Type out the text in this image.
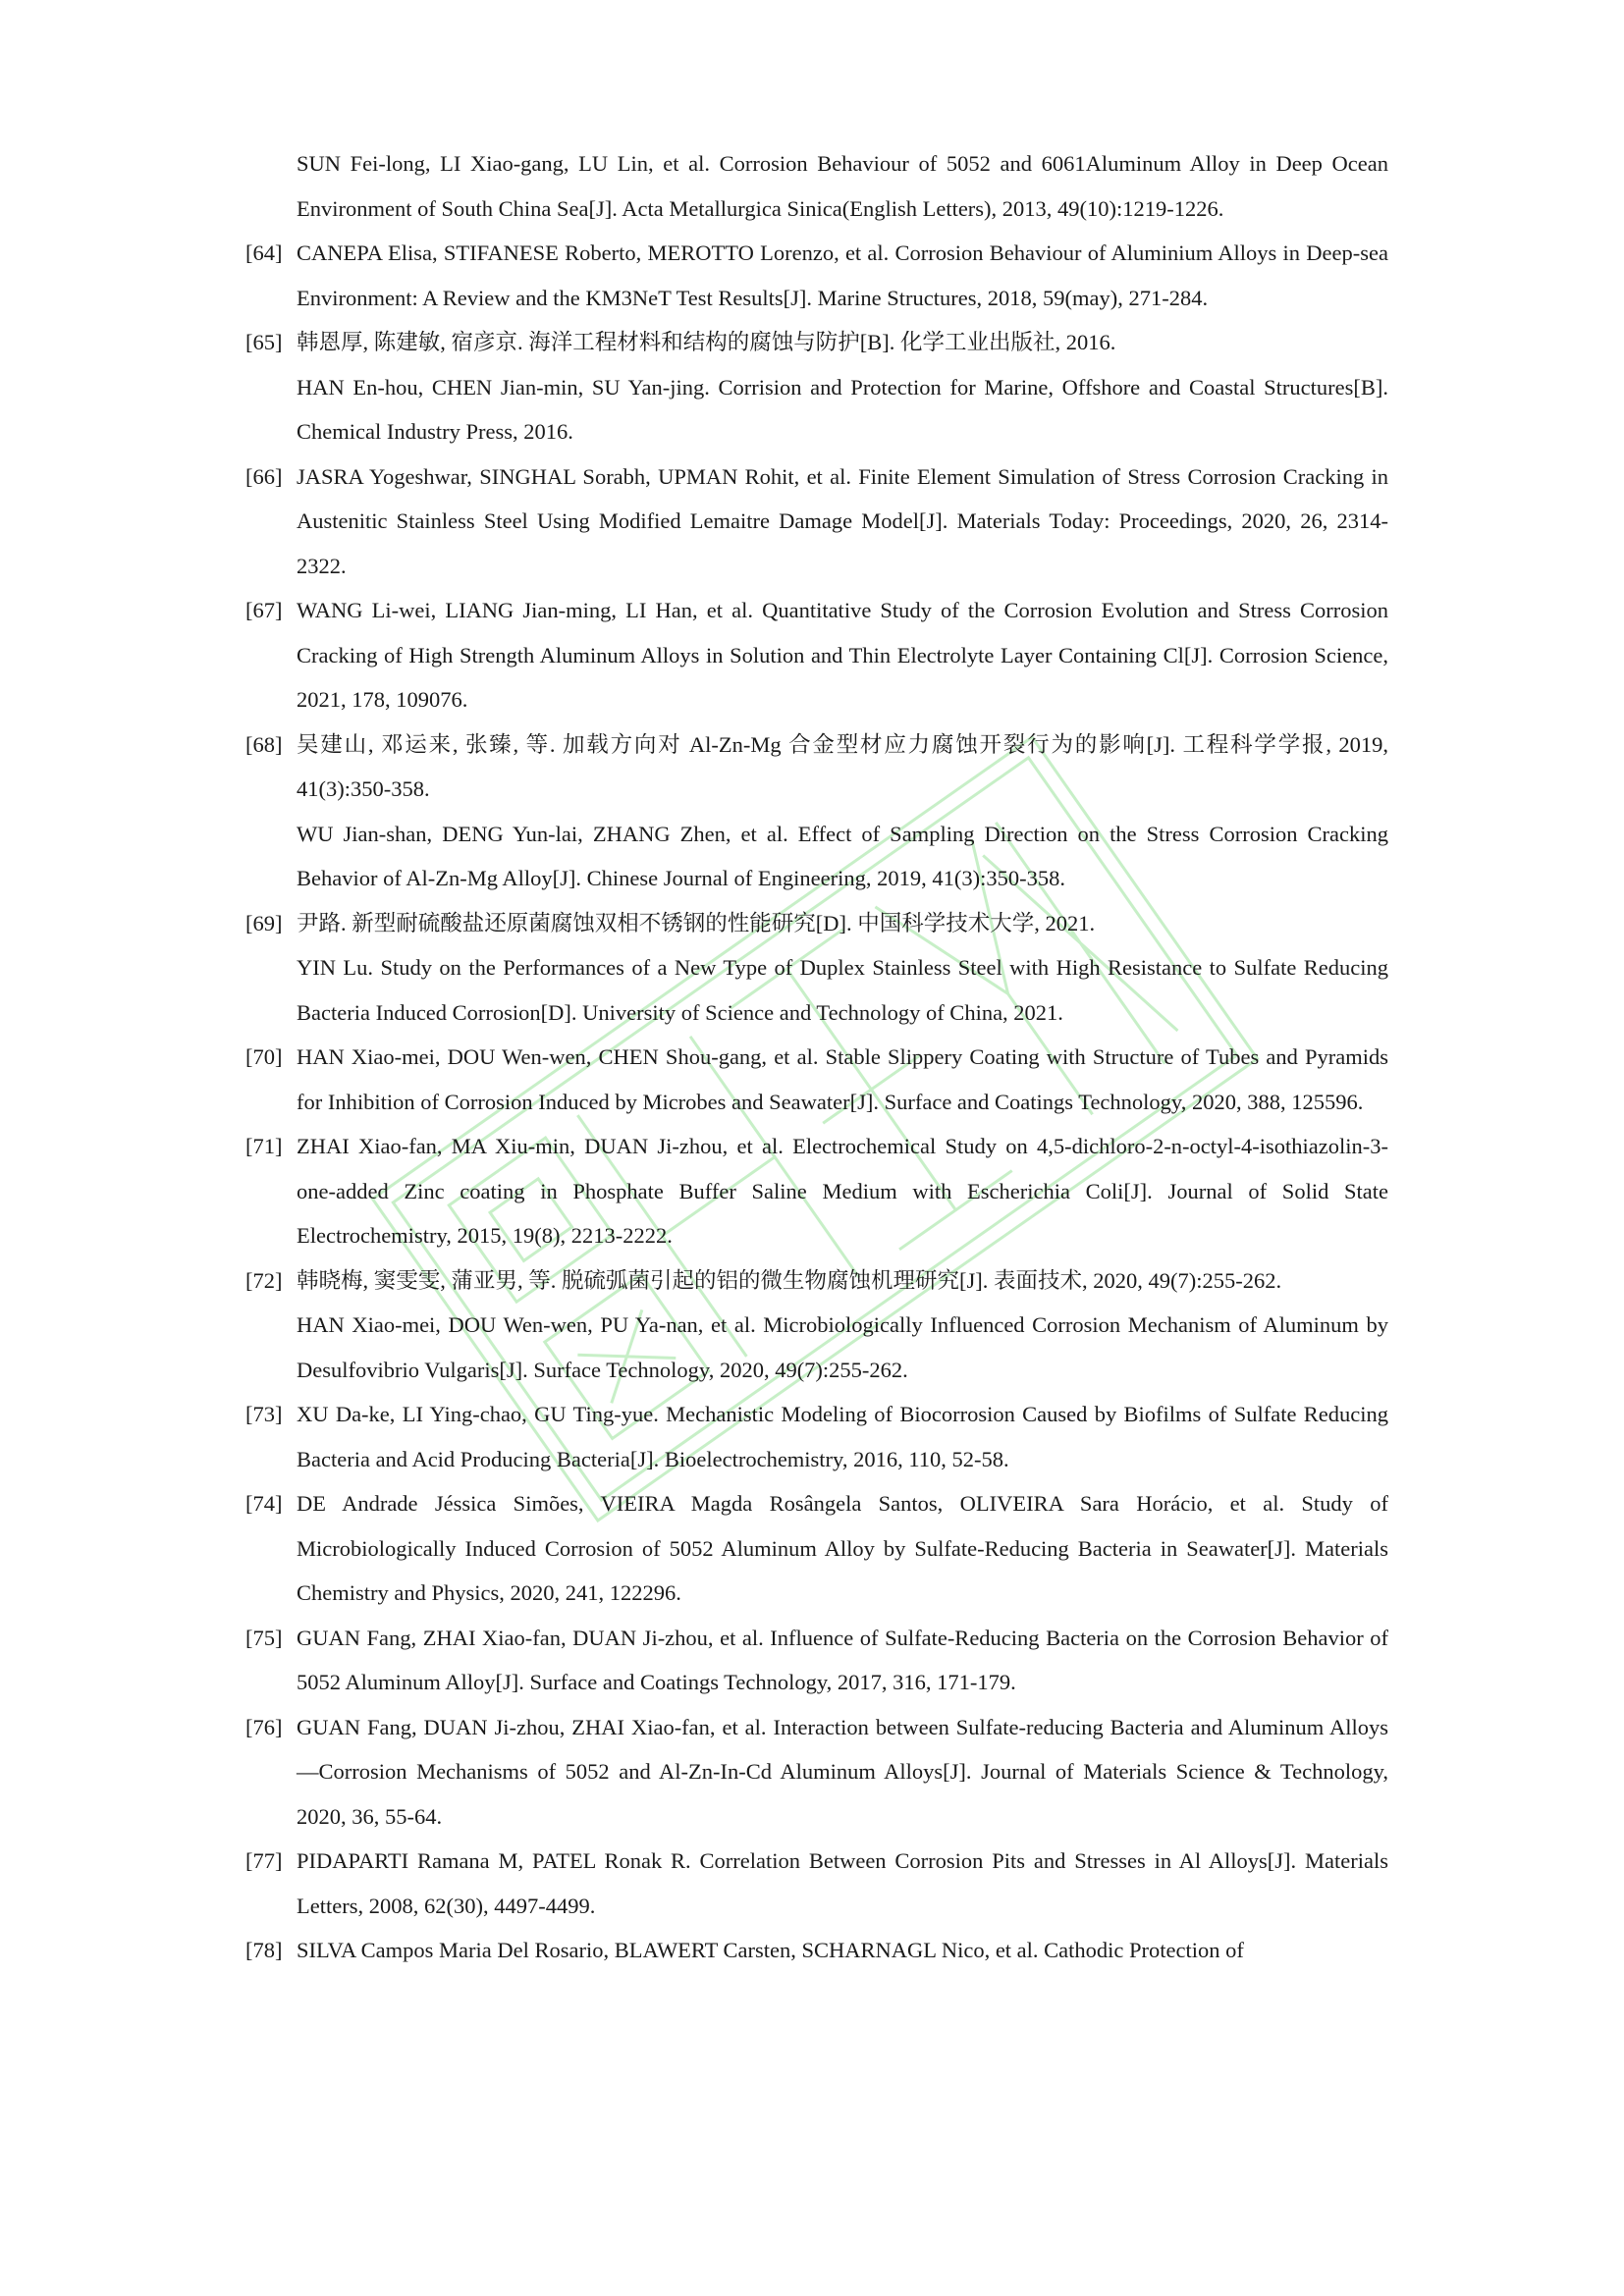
SUN Fei-long, LI Xiao-gang, LU Lin, et al. Corrosion Behaviour of 5052 and 6061Aluminum Alloy in Deep Ocean Environment of South China Sea[J]. Acta Metallurgica Sinica(English Letters), 2013, 49(10):1219-1226.
[64] CANEPA Elisa, STIFANESE Roberto, MEROTTO Lorenzo, et al. Corrosion Behaviour of Aluminium Alloys in Deep-sea Environment: A Review and the KM3NeT Test Results[J]. Marine Structures, 2018, 59(may), 271-284.
[65] 韩恩厚, 陈建敏, 宿彦京. 海洋工程材料和结构的腐蚀与防护[B]. 化学工业出版社, 2016.
HAN En-hou, CHEN Jian-min, SU Yan-jing. Corrision and Protection for Marine, Offshore and Coastal Structures[B]. Chemical Industry Press, 2016.
[66] JASRA Yogeshwar, SINGHAL Sorabh, UPMAN Rohit, et al. Finite Element Simulation of Stress Corrosion Cracking in Austenitic Stainless Steel Using Modified Lemaitre Damage Model[J]. Materials Today: Proceedings, 2020, 26, 2314-2322.
[67] WANG Li-wei, LIANG Jian-ming, LI Han, et al. Quantitative Study of the Corrosion Evolution and Stress Corrosion Cracking of High Strength Aluminum Alloys in Solution and Thin Electrolyte Layer Containing Cl[J]. Corrosion Science, 2021, 178, 109076.
[68] 吴建山, 邓运来, 张臻, 等. 加载方向对 Al-Zn-Mg 合金型材应力腐蚀开裂行为的影响[J]. 工程科学学报, 2019, 41(3):350-358.
WU Jian-shan, DENG Yun-lai, ZHANG Zhen, et al. Effect of Sampling Direction on the Stress Corrosion Cracking Behavior of Al-Zn-Mg Alloy[J]. Chinese Journal of Engineering, 2019, 41(3):350-358.
[69] 尹路. 新型耐硫酸盐还原菌腐蚀双相不锈钢的性能研究[D]. 中国科学技术大学, 2021.
YIN Lu. Study on the Performances of a New Type of Duplex Stainless Steel with High Resistance to Sulfate Reducing Bacteria Induced Corrosion[D]. University of Science and Technology of China, 2021.
[70] HAN Xiao-mei, DOU Wen-wen, CHEN Shou-gang, et al. Stable Slippery Coating with Structure of Tubes and Pyramids for Inhibition of Corrosion Induced by Microbes and Seawater[J]. Surface and Coatings Technology, 2020, 388, 125596.
[71] ZHAI Xiao-fan, MA Xiu-min, DUAN Ji-zhou, et al. Electrochemical Study on 4,5-dichloro-2-n-octyl-4-isothiazolin-3-one-added Zinc coating in Phosphate Buffer Saline Medium with Escherichia Coli[J]. Journal of Solid State Electrochemistry, 2015, 19(8), 2213-2222.
[72] 韩晓梅, 窦雯雯, 蒲亚男, 等. 脱硫弧菌引起的铝的微生物腐蚀机理研究[J]. 表面技术, 2020, 49(7):255-262.
HAN Xiao-mei, DOU Wen-wen, PU Ya-nan, et al. Microbiologically Influenced Corrosion Mechanism of Aluminum by Desulfovibrio Vulgaris[J]. Surface Technology, 2020, 49(7):255-262.
[73] XU Da-ke, LI Ying-chao, GU Ting-yue. Mechanistic Modeling of Biocorrosion Caused by Biofilms of Sulfate Reducing Bacteria and Acid Producing Bacteria[J]. Bioelectrochemistry, 2016, 110, 52-58.
[74] DE Andrade Jéssica Simões, VIEIRA Magda Rosângela Santos, OLIVEIRA Sara Horácio, et al. Study of Microbiologically Induced Corrosion of 5052 Aluminum Alloy by Sulfate-Reducing Bacteria in Seawater[J]. Materials Chemistry and Physics, 2020, 241, 122296.
[75] GUAN Fang, ZHAI Xiao-fan, DUAN Ji-zhou, et al. Influence of Sulfate-Reducing Bacteria on the Corrosion Behavior of 5052 Aluminum Alloy[J]. Surface and Coatings Technology, 2017, 316, 171-179.
[76] GUAN Fang, DUAN Ji-zhou, ZHAI Xiao-fan, et al. Interaction between Sulfate-reducing Bacteria and Aluminum Alloys—Corrosion Mechanisms of 5052 and Al-Zn-In-Cd Aluminum Alloys[J]. Journal of Materials Science & Technology, 2020, 36, 55-64.
[77] PIDAPARTI Ramana M, PATEL Ronak R. Correlation Between Corrosion Pits and Stresses in Al Alloys[J]. Materials Letters, 2008, 62(30), 4497-4499.
[78] SILVA Campos Maria Del Rosario, BLAWERT Carsten, SCHARNAGL Nico, et al. Cathodic Protection of
